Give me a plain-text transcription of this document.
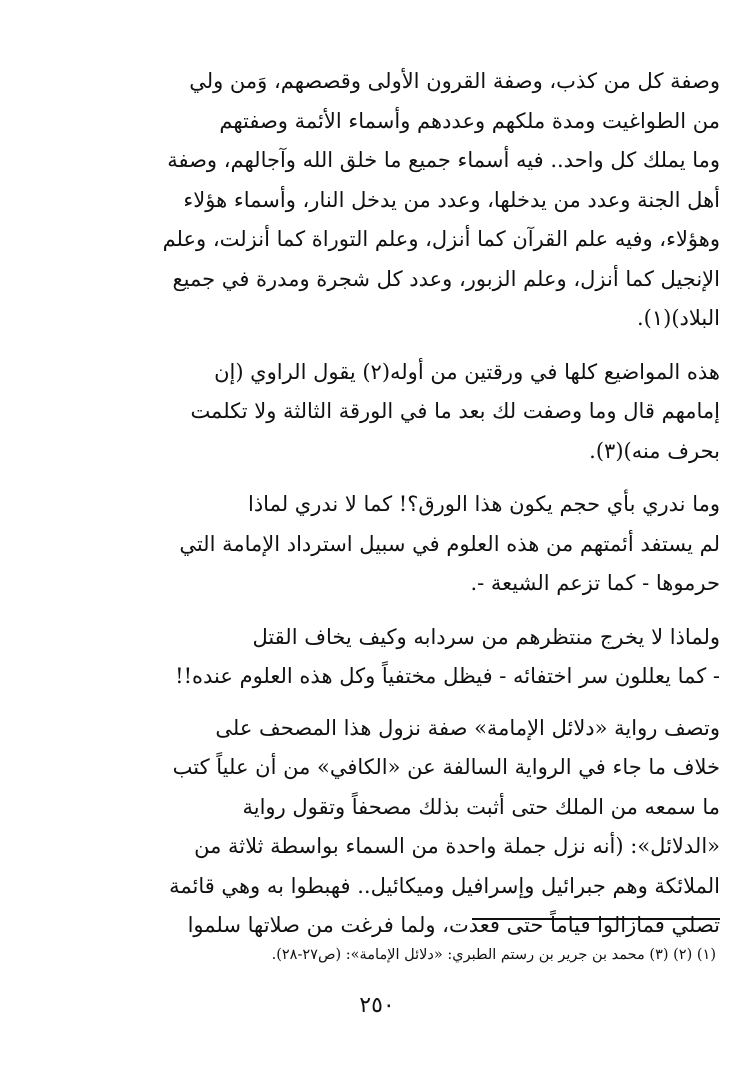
وصفة كل من كذب، وصفة القرون الأولى وقصصهم، وَمن ولي
من الطواغيت ومدة ملكهم وعددهم وأسماء الأئمة وصفتهم
وما يملك كل واحد.. فيه أسماء جميع ما خلق الله وآجالهم، وصفة
أهل الجنة وعدد من يدخلها، وعدد من يدخل النار، وأسماء هؤلاء
وهؤلاء، وفيه علم القرآن كما أنزل، وعلم التوراة كما أنزلت، وعلم
الإنجيل كما أنزل، وعلم الزبور، وعدد كل شجرة ومدرة في جميع
البلاد)(١).

هذه المواضيع كلها في ورقتين من أوله(٢) يقول الراوي (إن
إمامهم قال وما وصفت لك بعد ما في الورقة الثالثة ولا تكلمت
بحرف منه)(٣).

وما ندري بأي حجم يكون هذا الورق؟! كما لا ندري لماذا
لم يستفد أئمتهم من هذه العلوم في سبيل استرداد الإمامة التي
حرموها - كما تزعم الشيعة -.

ولماذا لا يخرج منتظرهم من سردابه وكيف يخاف القتل
- كما يعللون سر اختفائه - فيظل مختفياً وكل هذه العلوم عنده!!

وتصف رواية «دلائل الإمامة» صفة نزول هذا المصحف على
خلاف ما جاء في الرواية السالفة عن «الكافي» من أن علياً كتب
ما سمعه من الملك حتى أثبت بذلك مصحفاً وتقول رواية
«الدلائل»: (أنه نزل جملة واحدة من السماء بواسطة ثلاثة من
الملائكة وهم جبرائيل وإسرافيل وميكائيل.. فهبطوا به وهي قائمة
تصلي فمازالوا قياماً حتى قعدت، ولما فرغت من صلاتها سلموا

(١) (٢) (٣) محمد بن جرير بن رستم الطبري: «دلائل الإمامة»: (ص٢٧-٢٨).
٢٥٠
